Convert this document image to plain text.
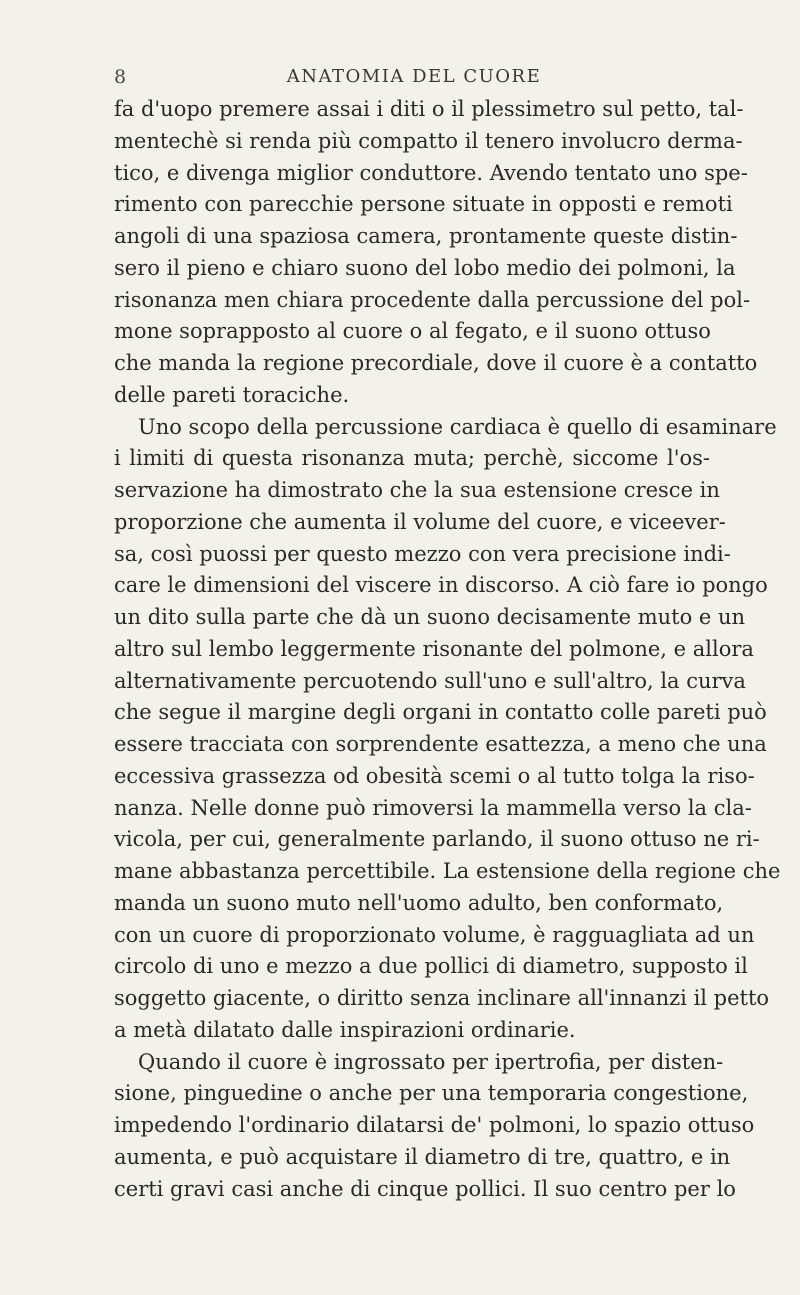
8	ANATOMIA DEL CUORE
fa d'uopo premere assai i diti o il plessimetro sul petto, tal-
mentechè si renda più compatto il tenero involucro derma-
tico, e divenga miglior conduttore. Avendo tentato uno spe-
rimento con parecchie persone situate in opposti e remoti
angoli di una spaziosa camera, prontamente queste distin-
sero il pieno e chiaro suono del lobo medio dei polmoni, la
risonanza men chiara procedente dalla percussione del pol-
mone soprapposto al cuore o al fegato, e il suono ottuso
che manda la regione precordiale, dove il cuore è a contatto
delle pareti toraciche.
Uno scopo della percussione cardiaca è quello di esaminare
i limiti di questa risonanza muta; perchè, siccome l'os-
servazione ha dimostrato che la sua estensione cresce in
proporzione che aumenta il volume del cuore, e viceever-
sa, così puossi per questo mezzo con vera precisione indi-
care le dimensioni del viscere in discorso. A ciò fare io pongo
un dito sulla parte che dà un suono decisamente muto e un
altro sul lembo leggermente risonante del polmone, e allora
alternativamente percuotendo sull'uno e sull'altro, la curva
che segue il margine degli organi in contatto colle pareti può
essere tracciata con sorprendente esattezza, a meno che una
eccessiva grassezza od obesità scemi o al tutto tolga la riso-
nanza. Nelle donne può rimoversi la mammella verso la cla-
vicola, per cui, generalmente parlando, il suono ottuso ne ri-
mane abbastanza percettibile. La estensione della regione che
manda un suono muto nell'uomo adulto, ben conformato,
con un cuore di proporzionato volume, è ragguagliata ad un
circolo di uno e mezzo a due pollici di diametro, supposto il
soggetto giacente, o diritto senza inclinare all'innanzi il petto
a metà dilatato dalle inspirazioni ordinarie.
Quando il cuore è ingrossato per ipertrofia, per disten-
sione, pinguedine o anche per una temporaria congestione,
impedendo l'ordinario dilatarsi de' polmoni, lo spazio ottuso
aumenta, e può acquistare il diametro di tre, quattro, e in
certi gravi casi anche di cinque pollici. Il suo centro per lo
